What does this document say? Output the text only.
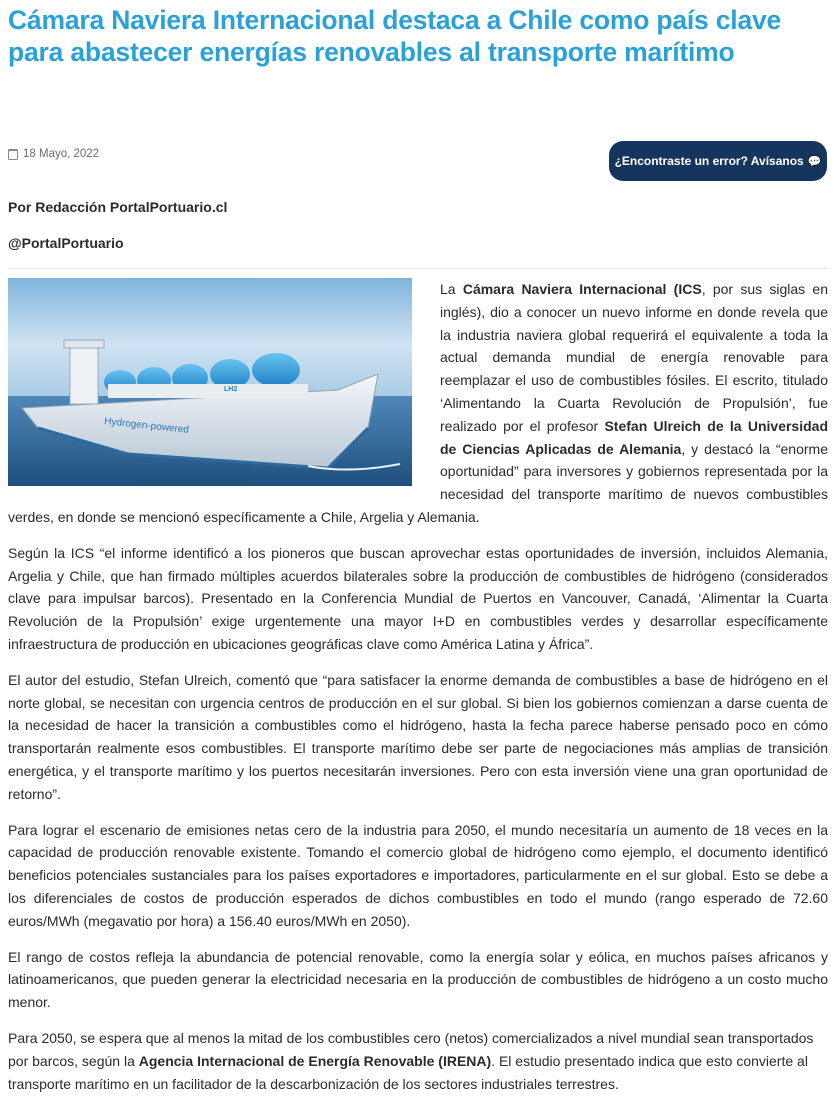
Cámara Naviera Internacional destaca a Chile como país clave para abastecer energías renovables al transporte marítimo
18 Mayo, 2022	¿Encontraste un error? Avísanos 💬
Por Redacción PortalPortuario.cl
@PortalPortuario
LH2
Hydrogen-powered

La Cámara Naviera Internacional (ICS, por sus siglas en inglés), dio a conocer un nuevo informe en donde revela que la industria naviera global requerirá el equivalente a toda la actual demanda mundial de energía renovable para reemplazar el uso de combustibles fósiles. El escrito, titulado ‘Alimentando la Cuarta Revolución de Propulsión’, fue realizado por el profesor Stefan Ulreich de la Universidad de Ciencias Aplicadas de Alemania, y destacó la “enorme oportunidad” para inversores y gobiernos representada por la necesidad del transporte marítimo de nuevos combustibles verdes, en donde se mencionó específicamente a Chile, Argelia y Alemania.

Según la ICS “el informe identificó a los pioneros que buscan aprovechar estas oportunidades de inversión, incluidos Alemania, Argelia y Chile, que han firmado múltiples acuerdos bilaterales sobre la producción de combustibles de hidrógeno (considerados clave para impulsar barcos). Presentado en la Conferencia Mundial de Puertos en Vancouver, Canadá, ‘Alimentar la Cuarta Revolución de la Propulsión’ exige urgentemente una mayor I+D en combustibles verdes y desarrollar específicamente infraestructura de producción en ubicaciones geográficas clave como América Latina y África”.

El autor del estudio, Stefan Ulreich, comentó que “para satisfacer la enorme demanda de combustibles a base de hidrógeno en el norte global, se necesitan con urgencia centros de producción en el sur global. Si bien los gobiernos comienzan a darse cuenta de la necesidad de hacer la transición a combustibles como el hidrógeno, hasta la fecha parece haberse pensado poco en cómo transportarán realmente esos combustibles. El transporte marítimo debe ser parte de negociaciones más amplias de transición energética, y el transporte marítimo y los puertos necesitarán inversiones. Pero con esta inversión viene una gran oportunidad de retorno”.

Para lograr el escenario de emisiones netas cero de la industria para 2050, el mundo necesitaría un aumento de 18 veces en la capacidad de producción renovable existente. Tomando el comercio global de hidrógeno como ejemplo, el documento identificó beneficios potenciales sustanciales para los países exportadores e importadores, particularmente en el sur global. Esto se debe a los diferenciales de costos de producción esperados de dichos combustibles en todo el mundo (rango esperado de 72.60 euros/MWh (megavatio por hora) a 156.40 euros/MWh en 2050).

El rango de costos refleja la abundancia de potencial renovable, como la energía solar y eólica, en muchos países africanos y latinoamericanos, que pueden generar la electricidad necesaria en la producción de combustibles de hidrógeno a un costo mucho menor.

Para 2050, se espera que al menos la mitad de los combustibles cero (netos) comercializados a nivel mundial sean transportados por barcos, según la Agencia Internacional de Energía Renovable (IRENA). El estudio presentado indica que esto convierte al transporte marítimo en un facilitador de la descarbonización de los sectores industriales terrestres.
